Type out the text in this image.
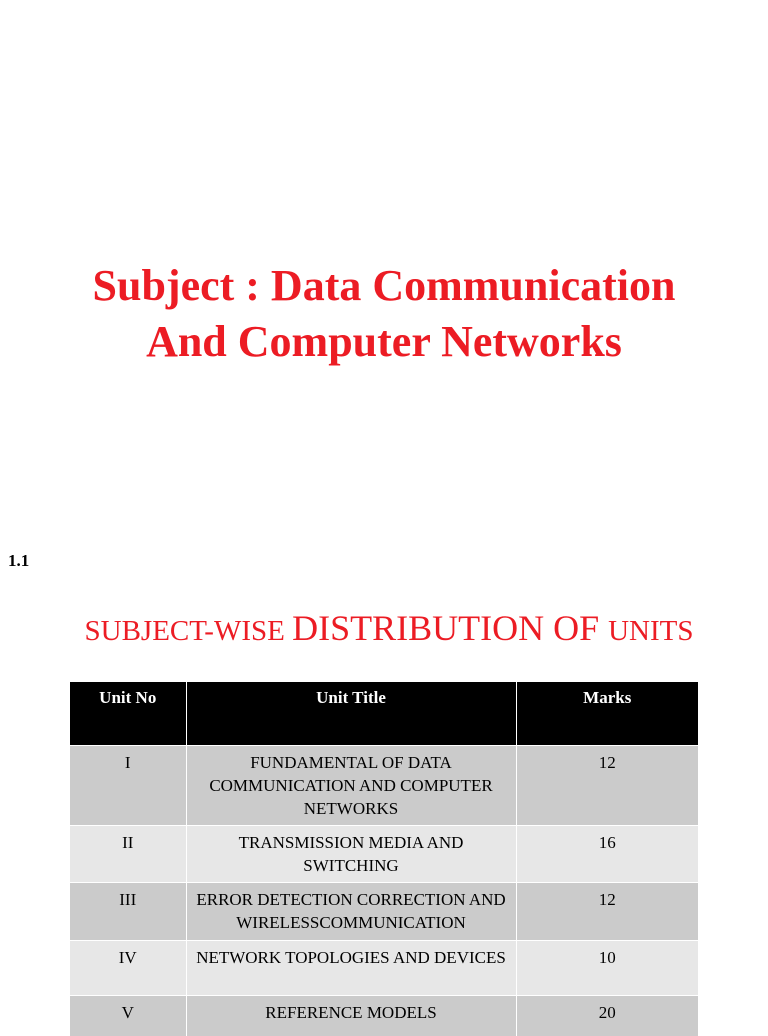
Subject : Data Communication
And Computer Networks
1.1
SUBJECT-WISE DISTRIBUTION OF UNITS
Unit No	Unit Title	Marks
I	FUNDAMENTAL OF DATA COMMUNICATION AND COMPUTER NETWORKS	12
II	TRANSMISSION MEDIA AND SWITCHING	16
III	ERROR DETECTION CORRECTION AND WIRELESSCOMMUNICATION	12
IV	NETWORK TOPOLOGIES AND DEVICES	10
V	REFERENCE MODELS	20
